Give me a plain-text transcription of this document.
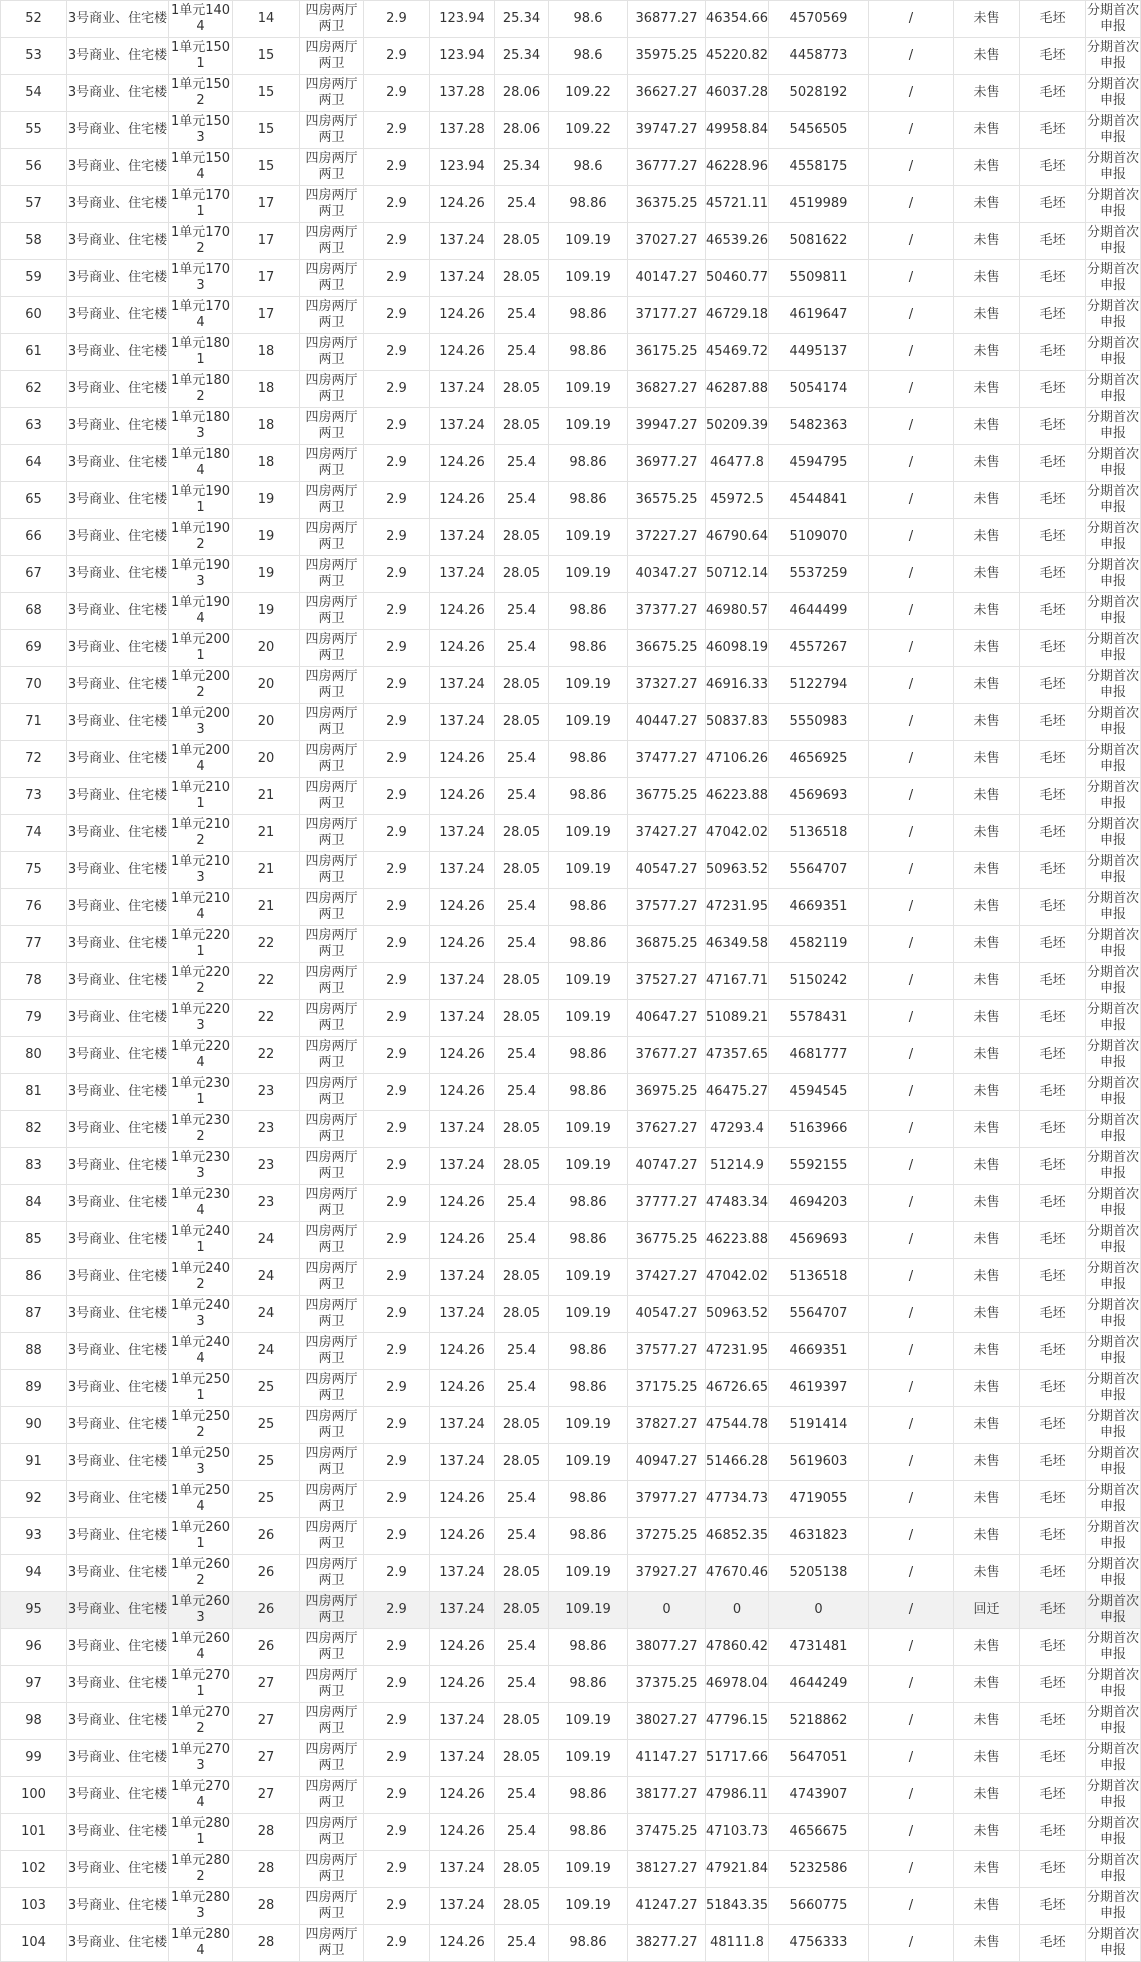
52	3号商业、住宅楼	1单元1404	14	四房两厅两卫	2.9	123.94	25.34	98.6	36877.27	46354.66	4570569	/	未售	毛坯	分期首次申报
53	3号商业、住宅楼	1单元1501	15	四房两厅两卫	2.9	123.94	25.34	98.6	35975.25	45220.82	4458773	/	未售	毛坯	分期首次申报
54	3号商业、住宅楼	1单元1502	15	四房两厅两卫	2.9	137.28	28.06	109.22	36627.27	46037.28	5028192	/	未售	毛坯	分期首次申报
55	3号商业、住宅楼	1单元1503	15	四房两厅两卫	2.9	137.28	28.06	109.22	39747.27	49958.84	5456505	/	未售	毛坯	分期首次申报
56	3号商业、住宅楼	1单元1504	15	四房两厅两卫	2.9	123.94	25.34	98.6	36777.27	46228.96	4558175	/	未售	毛坯	分期首次申报
57	3号商业、住宅楼	1单元1701	17	四房两厅两卫	2.9	124.26	25.4	98.86	36375.25	45721.11	4519989	/	未售	毛坯	分期首次申报
58	3号商业、住宅楼	1单元1702	17	四房两厅两卫	2.9	137.24	28.05	109.19	37027.27	46539.26	5081622	/	未售	毛坯	分期首次申报
59	3号商业、住宅楼	1单元1703	17	四房两厅两卫	2.9	137.24	28.05	109.19	40147.27	50460.77	5509811	/	未售	毛坯	分期首次申报
60	3号商业、住宅楼	1单元1704	17	四房两厅两卫	2.9	124.26	25.4	98.86	37177.27	46729.18	4619647	/	未售	毛坯	分期首次申报
61	3号商业、住宅楼	1单元1801	18	四房两厅两卫	2.9	124.26	25.4	98.86	36175.25	45469.72	4495137	/	未售	毛坯	分期首次申报
62	3号商业、住宅楼	1单元1802	18	四房两厅两卫	2.9	137.24	28.05	109.19	36827.27	46287.88	5054174	/	未售	毛坯	分期首次申报
63	3号商业、住宅楼	1单元1803	18	四房两厅两卫	2.9	137.24	28.05	109.19	39947.27	50209.39	5482363	/	未售	毛坯	分期首次申报
64	3号商业、住宅楼	1单元1804	18	四房两厅两卫	2.9	124.26	25.4	98.86	36977.27	46477.8	4594795	/	未售	毛坯	分期首次申报
65	3号商业、住宅楼	1单元1901	19	四房两厅两卫	2.9	124.26	25.4	98.86	36575.25	45972.5	4544841	/	未售	毛坯	分期首次申报
66	3号商业、住宅楼	1单元1902	19	四房两厅两卫	2.9	137.24	28.05	109.19	37227.27	46790.64	5109070	/	未售	毛坯	分期首次申报
67	3号商业、住宅楼	1单元1903	19	四房两厅两卫	2.9	137.24	28.05	109.19	40347.27	50712.14	5537259	/	未售	毛坯	分期首次申报
68	3号商业、住宅楼	1单元1904	19	四房两厅两卫	2.9	124.26	25.4	98.86	37377.27	46980.57	4644499	/	未售	毛坯	分期首次申报
69	3号商业、住宅楼	1单元2001	20	四房两厅两卫	2.9	124.26	25.4	98.86	36675.25	46098.19	4557267	/	未售	毛坯	分期首次申报
70	3号商业、住宅楼	1单元2002	20	四房两厅两卫	2.9	137.24	28.05	109.19	37327.27	46916.33	5122794	/	未售	毛坯	分期首次申报
71	3号商业、住宅楼	1单元2003	20	四房两厅两卫	2.9	137.24	28.05	109.19	40447.27	50837.83	5550983	/	未售	毛坯	分期首次申报
72	3号商业、住宅楼	1单元2004	20	四房两厅两卫	2.9	124.26	25.4	98.86	37477.27	47106.26	4656925	/	未售	毛坯	分期首次申报
73	3号商业、住宅楼	1单元2101	21	四房两厅两卫	2.9	124.26	25.4	98.86	36775.25	46223.88	4569693	/	未售	毛坯	分期首次申报
74	3号商业、住宅楼	1单元2102	21	四房两厅两卫	2.9	137.24	28.05	109.19	37427.27	47042.02	5136518	/	未售	毛坯	分期首次申报
75	3号商业、住宅楼	1单元2103	21	四房两厅两卫	2.9	137.24	28.05	109.19	40547.27	50963.52	5564707	/	未售	毛坯	分期首次申报
76	3号商业、住宅楼	1单元2104	21	四房两厅两卫	2.9	124.26	25.4	98.86	37577.27	47231.95	4669351	/	未售	毛坯	分期首次申报
77	3号商业、住宅楼	1单元2201	22	四房两厅两卫	2.9	124.26	25.4	98.86	36875.25	46349.58	4582119	/	未售	毛坯	分期首次申报
78	3号商业、住宅楼	1单元2202	22	四房两厅两卫	2.9	137.24	28.05	109.19	37527.27	47167.71	5150242	/	未售	毛坯	分期首次申报
79	3号商业、住宅楼	1单元2203	22	四房两厅两卫	2.9	137.24	28.05	109.19	40647.27	51089.21	5578431	/	未售	毛坯	分期首次申报
80	3号商业、住宅楼	1单元2204	22	四房两厅两卫	2.9	124.26	25.4	98.86	37677.27	47357.65	4681777	/	未售	毛坯	分期首次申报
81	3号商业、住宅楼	1单元2301	23	四房两厅两卫	2.9	124.26	25.4	98.86	36975.25	46475.27	4594545	/	未售	毛坯	分期首次申报
82	3号商业、住宅楼	1单元2302	23	四房两厅两卫	2.9	137.24	28.05	109.19	37627.27	47293.4	5163966	/	未售	毛坯	分期首次申报
83	3号商业、住宅楼	1单元2303	23	四房两厅两卫	2.9	137.24	28.05	109.19	40747.27	51214.9	5592155	/	未售	毛坯	分期首次申报
84	3号商业、住宅楼	1单元2304	23	四房两厅两卫	2.9	124.26	25.4	98.86	37777.27	47483.34	4694203	/	未售	毛坯	分期首次申报
85	3号商业、住宅楼	1单元2401	24	四房两厅两卫	2.9	124.26	25.4	98.86	36775.25	46223.88	4569693	/	未售	毛坯	分期首次申报
86	3号商业、住宅楼	1单元2402	24	四房两厅两卫	2.9	137.24	28.05	109.19	37427.27	47042.02	5136518	/	未售	毛坯	分期首次申报
87	3号商业、住宅楼	1单元2403	24	四房两厅两卫	2.9	137.24	28.05	109.19	40547.27	50963.52	5564707	/	未售	毛坯	分期首次申报
88	3号商业、住宅楼	1单元2404	24	四房两厅两卫	2.9	124.26	25.4	98.86	37577.27	47231.95	4669351	/	未售	毛坯	分期首次申报
89	3号商业、住宅楼	1单元2501	25	四房两厅两卫	2.9	124.26	25.4	98.86	37175.25	46726.65	4619397	/	未售	毛坯	分期首次申报
90	3号商业、住宅楼	1单元2502	25	四房两厅两卫	2.9	137.24	28.05	109.19	37827.27	47544.78	5191414	/	未售	毛坯	分期首次申报
91	3号商业、住宅楼	1单元2503	25	四房两厅两卫	2.9	137.24	28.05	109.19	40947.27	51466.28	5619603	/	未售	毛坯	分期首次申报
92	3号商业、住宅楼	1单元2504	25	四房两厅两卫	2.9	124.26	25.4	98.86	37977.27	47734.73	4719055	/	未售	毛坯	分期首次申报
93	3号商业、住宅楼	1单元2601	26	四房两厅两卫	2.9	124.26	25.4	98.86	37275.25	46852.35	4631823	/	未售	毛坯	分期首次申报
94	3号商业、住宅楼	1单元2602	26	四房两厅两卫	2.9	137.24	28.05	109.19	37927.27	47670.46	5205138	/	未售	毛坯	分期首次申报
95	3号商业、住宅楼	1单元2603	26	四房两厅两卫	2.9	137.24	28.05	109.19	0	0	0	/	回迁	毛坯	分期首次申报
96	3号商业、住宅楼	1单元2604	26	四房两厅两卫	2.9	124.26	25.4	98.86	38077.27	47860.42	4731481	/	未售	毛坯	分期首次申报
97	3号商业、住宅楼	1单元2701	27	四房两厅两卫	2.9	124.26	25.4	98.86	37375.25	46978.04	4644249	/	未售	毛坯	分期首次申报
98	3号商业、住宅楼	1单元2702	27	四房两厅两卫	2.9	137.24	28.05	109.19	38027.27	47796.15	5218862	/	未售	毛坯	分期首次申报
99	3号商业、住宅楼	1单元2703	27	四房两厅两卫	2.9	137.24	28.05	109.19	41147.27	51717.66	5647051	/	未售	毛坯	分期首次申报
100	3号商业、住宅楼	1单元2704	27	四房两厅两卫	2.9	124.26	25.4	98.86	38177.27	47986.11	4743907	/	未售	毛坯	分期首次申报
101	3号商业、住宅楼	1单元2801	28	四房两厅两卫	2.9	124.26	25.4	98.86	37475.25	47103.73	4656675	/	未售	毛坯	分期首次申报
102	3号商业、住宅楼	1单元2802	28	四房两厅两卫	2.9	137.24	28.05	109.19	38127.27	47921.84	5232586	/	未售	毛坯	分期首次申报
103	3号商业、住宅楼	1单元2803	28	四房两厅两卫	2.9	137.24	28.05	109.19	41247.27	51843.35	5660775	/	未售	毛坯	分期首次申报
104	3号商业、住宅楼	1单元2804	28	四房两厅两卫	2.9	124.26	25.4	98.86	38277.27	48111.8	4756333	/	未售	毛坯	分期首次申报
